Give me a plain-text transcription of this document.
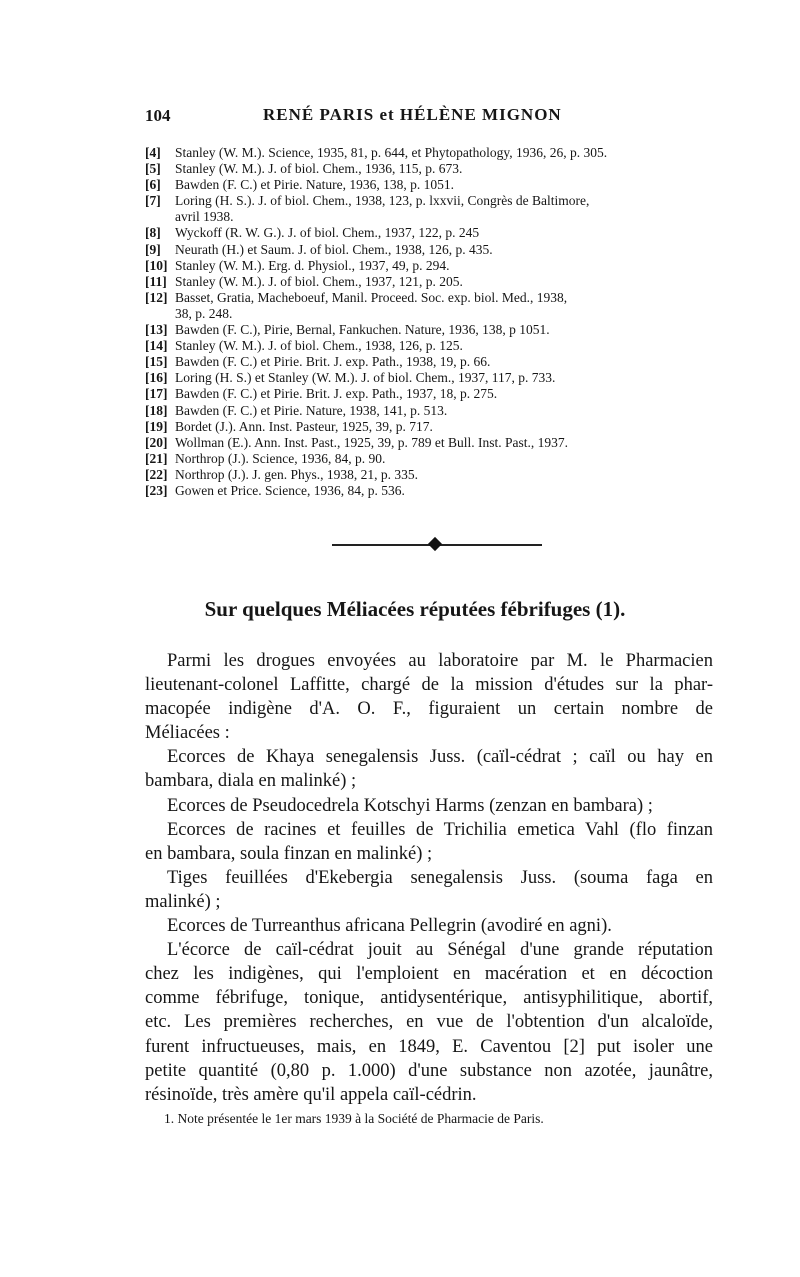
104	RENÉ PARIS et HÉLÈNE MIGNON
[4] Stanley (W. M.). Science, 1935, 81, p. 644, et Phytopathology, 1936, 26, p. 305.
[5] Stanley (W. M.). J. of biol. Chem., 1936, 115, p. 673.
[6] Bawden (F. C.) et Pirie. Nature, 1936, 138, p. 1051.
[7] Loring (H. S.). J. of biol. Chem., 1938, 123, p. lxxvii, Congrès de Baltimore,
avril 1938.
[8] Wyckoff (R. W. G.). J. of biol. Chem., 1937, 122, p. 245
[9] Neurath (H.) et Saum. J. of biol. Chem., 1938, 126, p. 435.
[10] Stanley (W. M.). Erg. d. Physiol., 1937, 49, p. 294.
[11] Stanley (W. M.). J. of biol. Chem., 1937, 121, p. 205.
[12] Basset, Gratia, Macheboeuf, Manil. Proceed. Soc. exp. biol. Med., 1938,
38, p. 248.
[13] Bawden (F. C.), Pirie, Bernal, Fankuchen. Nature, 1936, 138, p 1051.
[14] Stanley (W. M.). J. of biol. Chem., 1938, 126, p. 125.
[15] Bawden (F. C.) et Pirie. Brit. J. exp. Path., 1938, 19, p. 66.
[16] Loring (H. S.) et Stanley (W. M.). J. of biol. Chem., 1937, 117, p. 733.
[17] Bawden (F. C.) et Pirie. Brit. J. exp. Path., 1937, 18, p. 275.
[18] Bawden (F. C.) et Pirie. Nature, 1938, 141, p. 513.
[19] Bordet (J.). Ann. Inst. Pasteur, 1925, 39, p. 717.
[20] Wollman (E.). Ann. Inst. Past., 1925, 39, p. 789 et Bull. Inst. Past., 1937.
[21] Northrop (J.). Science, 1936, 84, p. 90.
[22] Northrop (J.). J. gen. Phys., 1938, 21, p. 335.
[23] Gowen et Price. Science, 1936, 84, p. 536.
Sur quelques Méliacées réputées fébrifuges (1).
Parmi les drogues envoyées au laboratoire par M. le Pharmacien
lieutenant-colonel Laffitte, chargé de la mission d'études sur la phar-
macopée indigène d'A. O. F., figuraient un certain nombre de
Méliacées :
Ecorces de Khaya senegalensis Juss. (caïl-cédrat ; caïl ou hay en
bambara, diala en malinké) ;
Ecorces de Pseudocedrela Kotschyi Harms (zenzan en bambara) ;
Ecorces de racines et feuilles de Trichilia emetica Vahl (flo finzan
en bambara, soula finzan en malinké) ;
Tiges feuillées d'Ekebergia senegalensis Juss. (souma faga en
malinké) ;
Ecorces de Turreanthus africana Pellegrin (avodiré en agni).
L'écorce de caïl-cédrat jouit au Sénégal d'une grande réputation
chez les indigènes, qui l'emploient en macération et en décoction
comme fébrifuge, tonique, antidysentérique, antisyphilitique, abortif,
etc. Les premières recherches, en vue de l'obtention d'un alcaloïde,
furent infructueuses, mais, en 1849, E. Caventou [2] put isoler une
petite quantité (0,80 p. 1.000) d'une substance non azotée, jaunâtre,
résinoïde, très amère qu'il appela caïl-cédrin.
1. Note présentée le 1er mars 1939 à la Société de Pharmacie de Paris.
